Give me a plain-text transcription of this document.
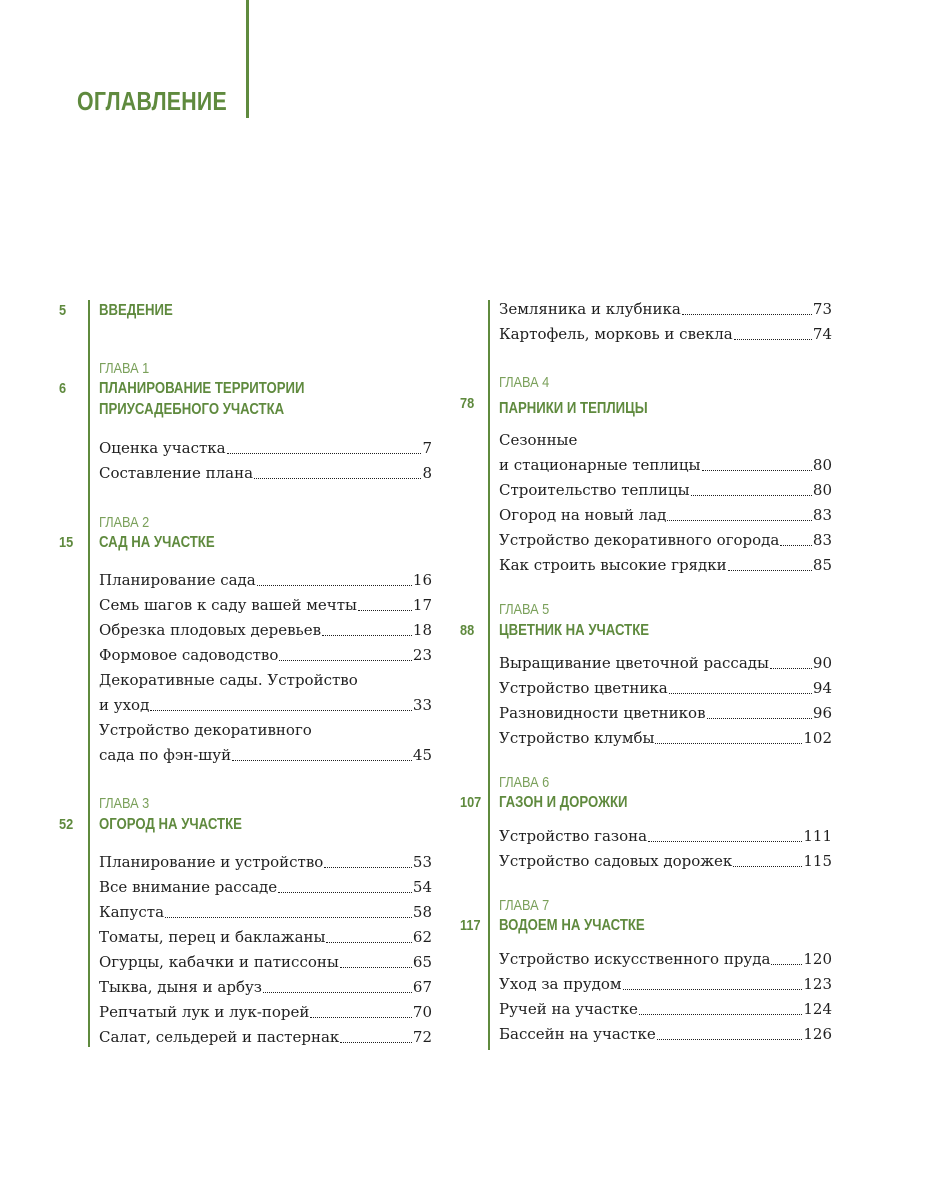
ОГЛАВЛЕНИЕ
5 ВВЕДЕНИЕ
ГЛАВА 1
6 ПЛАНИРОВАНИЕ ТЕРРИТОРИИ
ПРИУСАДЕБНОГО УЧАСТКА
Оценка участка	7
Составление плана	8
ГЛАВА 2
15 САД НА УЧАСТКЕ
Планирование сада	16
Семь шагов к саду вашей мечты	17
Обрезка плодовых деревьев	18
Формовое садоводство	23
Декоративные сады. Устройство
и уход	33
Устройство декоративного
сада по фэн-шуй	45
ГЛАВА 3
52 ОГОРОД НА УЧАСТКЕ
Планирование и устройство	53
Все внимание рассаде	54
Капуста	58
Томаты, перец и баклажаны	62
Огурцы, кабачки и патиссоны	65
Тыква, дыня и арбуз	67
Репчатый лук и лук-порей	70
Салат, сельдерей и пастернак	72
Земляника и клубника	73
Картофель, морковь и свекла	74
ГЛАВА 4
78 ПАРНИКИ И ТЕПЛИЦЫ
Сезонные
и стационарные теплицы	80
Строительство теплицы	80
Огород на новый лад	83
Устройство декоративного огорода 83
Как строить высокие грядки	85
ГЛАВА 5
88 ЦВЕТНИК НА УЧАСТКЕ
Выращивание цветочной рассады	90
Устройство цветника	94
Разновидности цветников	96
Устройство клумбы	102
ГЛАВА 6
107 ГАЗОН И ДОРОЖКИ
Устройство газона	111
Устройство садовых дорожек	115
ГЛАВА 7
117 ВОДОЕМ НА УЧАСТКЕ
Устройство искусственного пруда 120
Уход за прудом	123
Ручей на участке	124
Бассейн на участке	126
